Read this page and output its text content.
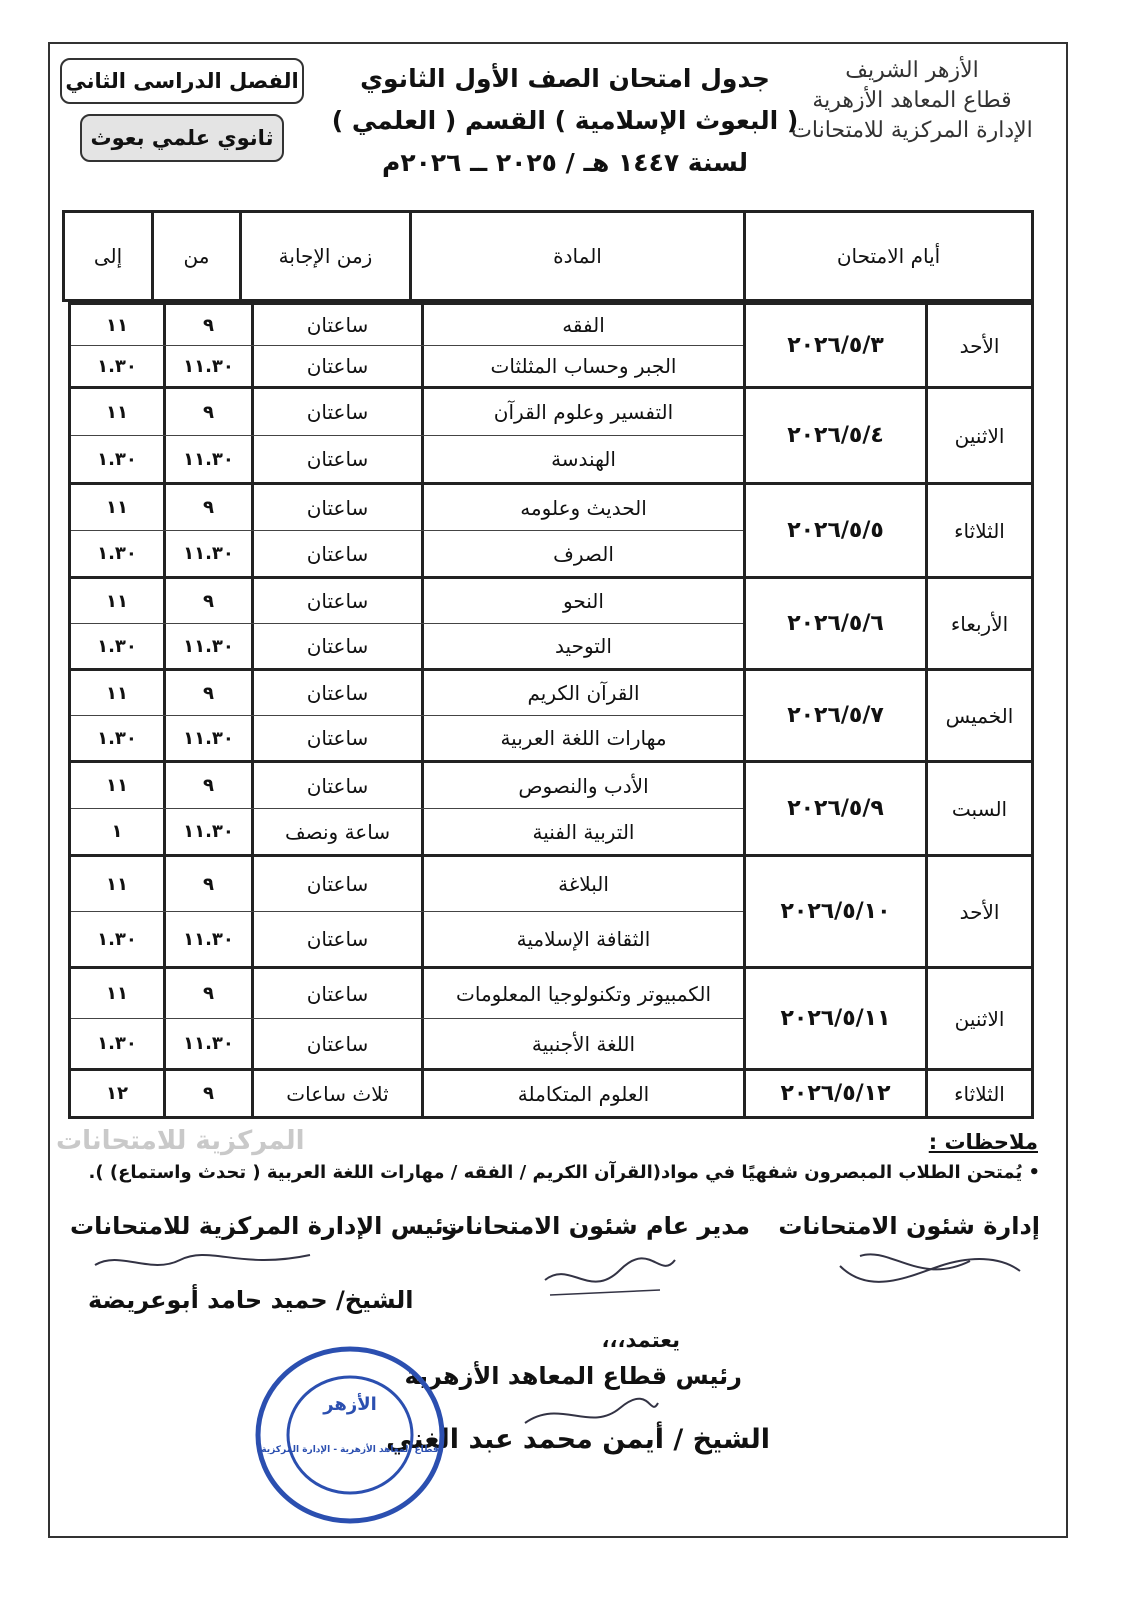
الأزهر الشريف
قطاع المعاهد الأزهرية
الإدارة المركزية للامتحانات
جدول امتحان الصف الأول الثانوي
( البعوث الإسلامية ) القسم ( العلمي )
لسنة ١٤٤٧ هـ / ٢٠٢٥ ــ ٢٠٢٦م
الفصل الدراسى الثاني
ثانوي علمي بعوث
أيام الامتحان
المادة
زمن الإجابة
من
إلى
الأحد
٢٠٢٦/٥/٣
الفقه
ساعتان
٩
١١
الجبر وحساب المثلثات
ساعتان
١١.٣٠
١.٣٠
الاثنين
٢٠٢٦/٥/٤
التفسير وعلوم القرآن
ساعتان
٩
١١
الهندسة
ساعتان
١١.٣٠
١.٣٠
الثلاثاء
٢٠٢٦/٥/٥
الحديث وعلومه
ساعتان
٩
١١
الصرف
ساعتان
١١.٣٠
١.٣٠
الأربعاء
٢٠٢٦/٥/٦
النحو
ساعتان
٩
١١
التوحيد
ساعتان
١١.٣٠
١.٣٠
الخميس
٢٠٢٦/٥/٧
القرآن الكريم
ساعتان
٩
١١
مهارات اللغة العربية
ساعتان
١١.٣٠
١.٣٠
السبت
٢٠٢٦/٥/٩
الأدب والنصوص
ساعتان
٩
١١
التربية الفنية
ساعة ونصف
١١.٣٠
١
الأحد
٢٠٢٦/٥/١٠
البلاغة
ساعتان
٩
١١
الثقافة الإسلامية
ساعتان
١١.٣٠
١.٣٠
الاثنين
٢٠٢٦/٥/١١
الكمبيوتر وتكنولوجيا المعلومات
ساعتان
٩
١١
اللغة الأجنبية
ساعتان
١١.٣٠
١.٣٠
الثلاثاء
٢٠٢٦/٥/١٢
العلوم المتكاملة
ثلاث ساعات
٩
١٢
المركزية للامتحانات	ملاحظات :
• يُمتحن الطلاب المبصرون شفهيًا في مواد(القرآن الكريم / الفقه / مهارات اللغة العربية ( تحدث واستماع) ).
إدارة شئون الامتحانات
مدير عام شئون الامتحانات
رئيس الإدارة المركزية للامتحانات
الشيخ/ حميد حامد أبوعريضة
يعتمد،،،
رئيس قطاع المعاهد الأزهرية
الشيخ / أيمن محمد عبد الغني
الأزهر
قطاع المعاهد الأزهرية - الإدارة المركزية
